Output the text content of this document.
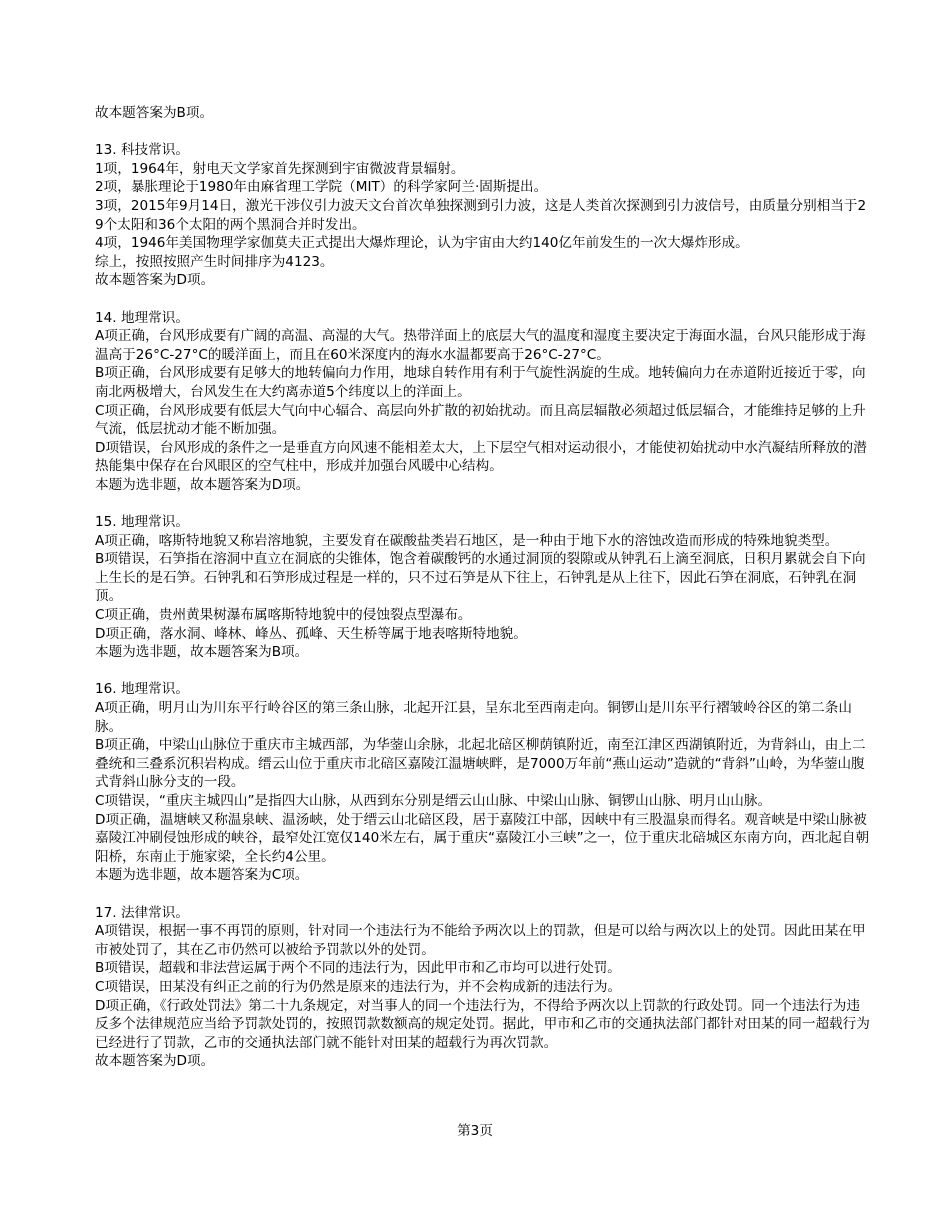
故本题答案为B项。
13. 科技常识。
1项，1964年，射电天文学家首先探测到宇宙微波背景辐射。
2项，暴胀理论于1980年由麻省理工学院（MIT）的科学家阿兰·固斯提出。
3项，2015年9月14日，激光干涉仪引力波天文台首次单独探测到引力波，这是人类首次探测到引力波信号，由质量分别相当于29个太阳和36个太阳的两个黑洞合并时发出。
4项，1946年美国物理学家伽莫夫正式提出大爆炸理论，认为宇宙由大约140亿年前发生的一次大爆炸形成。
综上，按照按照产生时间排序为4123。
故本题答案为D项。
14. 地理常识。
A项正确，台风形成要有广阔的高温、高湿的大气。热带洋面上的底层大气的温度和湿度主要决定于海面水温，台风只能形成于海温高于26°C-27°C的暖洋面上，而且在60米深度内的海水水温都要高于26°C-27°C。
B项正确，台风形成要有足够大的地转偏向力作用，地球自转作用有利于气旋性涡旋的生成。地转偏向力在赤道附近接近于零，向南北两极增大，台风发生在大约离赤道5个纬度以上的洋面上。
C项正确，台风形成要有低层大气向中心辐合、高层向外扩散的初始扰动。而且高层辐散必须超过低层辐合，才能维持足够的上升气流，低层扰动才能不断加强。
D项错误，台风形成的条件之一是垂直方向风速不能相差太大，上下层空气相对运动很小，才能使初始扰动中水汽凝结所释放的潜热能集中保存在台风眼区的空气柱中，形成并加强台风暖中心结构。
本题为选非题，故本题答案为D项。
15. 地理常识。
A项正确，喀斯特地貌又称岩溶地貌，主要发育在碳酸盐类岩石地区，是一种由于地下水的溶蚀改造而形成的特殊地貌类型。
B项错误，石笋指在溶洞中直立在洞底的尖锥体，饱含着碳酸钙的水通过洞顶的裂隙或从钟乳石上滴至洞底，日积月累就会自下向上生长的是石笋。石钟乳和石笋形成过程是一样的，只不过石笋是从下往上，石钟乳是从上往下，因此石笋在洞底，石钟乳在洞顶。
C项正确，贵州黄果树瀑布属喀斯特地貌中的侵蚀裂点型瀑布。
D项正确，落水洞、峰林、峰丛、孤峰、天生桥等属于地表喀斯特地貌。
本题为选非题，故本题答案为B项。
16. 地理常识。
A项正确，明月山为川东平行岭谷区的第三条山脉，北起开江县，呈东北至西南走向。铜锣山是川东平行褶皱岭谷区的第二条山脉。
B项正确，中梁山山脉位于重庆市主城西部，为华蓥山余脉，北起北碚区柳荫镇附近，南至江津区西湖镇附近，为背斜山，由上二叠统和三叠系沉积岩构成。缙云山位于重庆市北碚区嘉陵江温塘峡畔，是7000万年前“燕山运动”造就的“背斜”山岭，为华蓥山腹式背斜山脉分支的一段。
C项错误，“重庆主城四山”是指四大山脉，从西到东分别是缙云山山脉、中梁山山脉、铜锣山山脉、明月山山脉。
D项正确，温塘峡又称温泉峡、温汤峡，处于缙云山北碚区段，居于嘉陵江中部，因峡中有三股温泉而得名。观音峡是中梁山脉被嘉陵江冲刷侵蚀形成的峡谷，最窄处江宽仅140米左右，属于重庆“嘉陵江小三峡”之一，位于重庆北碚城区东南方向，西北起自朝阳桥，东南止于施家梁，全长约4公里。
本题为选非题，故本题答案为C项。
17. 法律常识。
A项错误，根据一事不再罚的原则，针对同一个违法行为不能给予两次以上的罚款，但是可以给与两次以上的处罚。因此田某在甲市被处罚了，其在乙市仍然可以被给予罚款以外的处罚。
B项错误，超载和非法营运属于两个不同的违法行为，因此甲市和乙市均可以进行处罚。
C项错误，田某没有纠正之前的行为仍然是原来的违法行为，并不会构成新的违法行为。
D项正确，《行政处罚法》第二十九条规定，对当事人的同一个违法行为，不得给予两次以上罚款的行政处罚。同一个违法行为违反多个法律规范应当给予罚款处罚的，按照罚款数额高的规定处罚。据此，甲市和乙市的交通执法部门都针对田某的同一超载行为已经进行了罚款，乙市的交通执法部门就不能针对田某的超载行为再次罚款。
故本题答案为D项。
第3页
